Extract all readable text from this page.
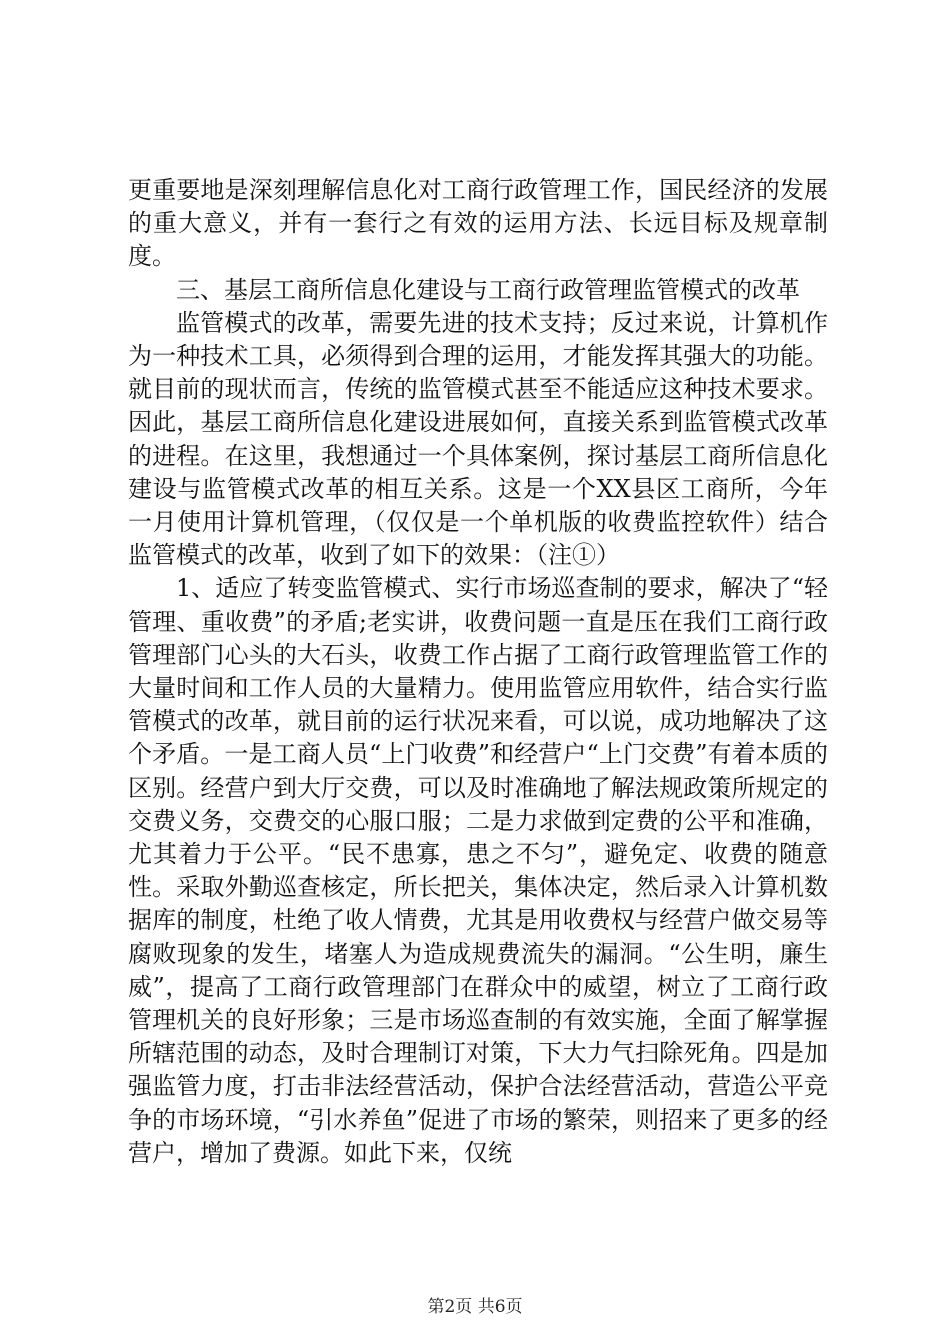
更重要地是深刻理解信息化对工商行政管理工作，国民经济的发展的重大意义，并有一套行之有效的运用方法、长远目标及规章制度。

三、基层工商所信息化建设与工商行政管理监管模式的改革

监管模式的改革，需要先进的技术支持；反过来说，计算机作为一种技术工具，必须得到合理的运用，才能发挥其强大的功能。就目前的现状而言，传统的监管模式甚至不能适应这种技术要求。因此，基层工商所信息化建设进展如何，直接关系到监管模式改革的进程。在这里，我想通过一个具体案例，探讨基层工商所信息化建设与监管模式改革的相互关系。这是一个XX县区工商所，今年一月使用计算机管理，（仅仅是一个单机版的收费监控软件）结合监管模式的改革，收到了如下的效果：（注①）

1、适应了转变监管模式、实行市场巡查制的要求，解决了“轻管理、重收费”的矛盾;老实讲，收费问题一直是压在我们工商行政管理部门心头的大石头，收费工作占据了工商行政管理监管工作的大量时间和工作人员的大量精力。使用监管应用软件，结合实行监管模式的改革，就目前的运行状况来看，可以说，成功地解决了这个矛盾。一是工商人员“上门收费”和经营户“上门交费”有着本质的区别。经营户到大厅交费，可以及时准确地了解法规政策所规定的交费义务，交费交的心服口服；二是力求做到定费的公平和准确，尤其着力于公平。“民不患寡，患之不匀”，避免定、收费的随意性。采取外勤巡查核定，所长把关，集体决定，然后录入计算机数据库的制度，杜绝了收人情费，尤其是用收费权与经营户做交易等腐败现象的发生，堵塞人为造成规费流失的漏洞。“公生明，廉生威”，提高了工商行政管理部门在群众中的威望，树立了工商行政管理机关的良好形象；三是市场巡查制的有效实施，全面了解掌握所辖范围的动态，及时合理制订对策，下大力气扫除死角。四是加强监管力度，打击非法经营活动，保护合法经营活动，营造公平竞争的市场环境，“引水养鱼”促进了市场的繁荣，则招来了更多的经营户，增加了费源。如此下来，仅统

第2页 共6页
